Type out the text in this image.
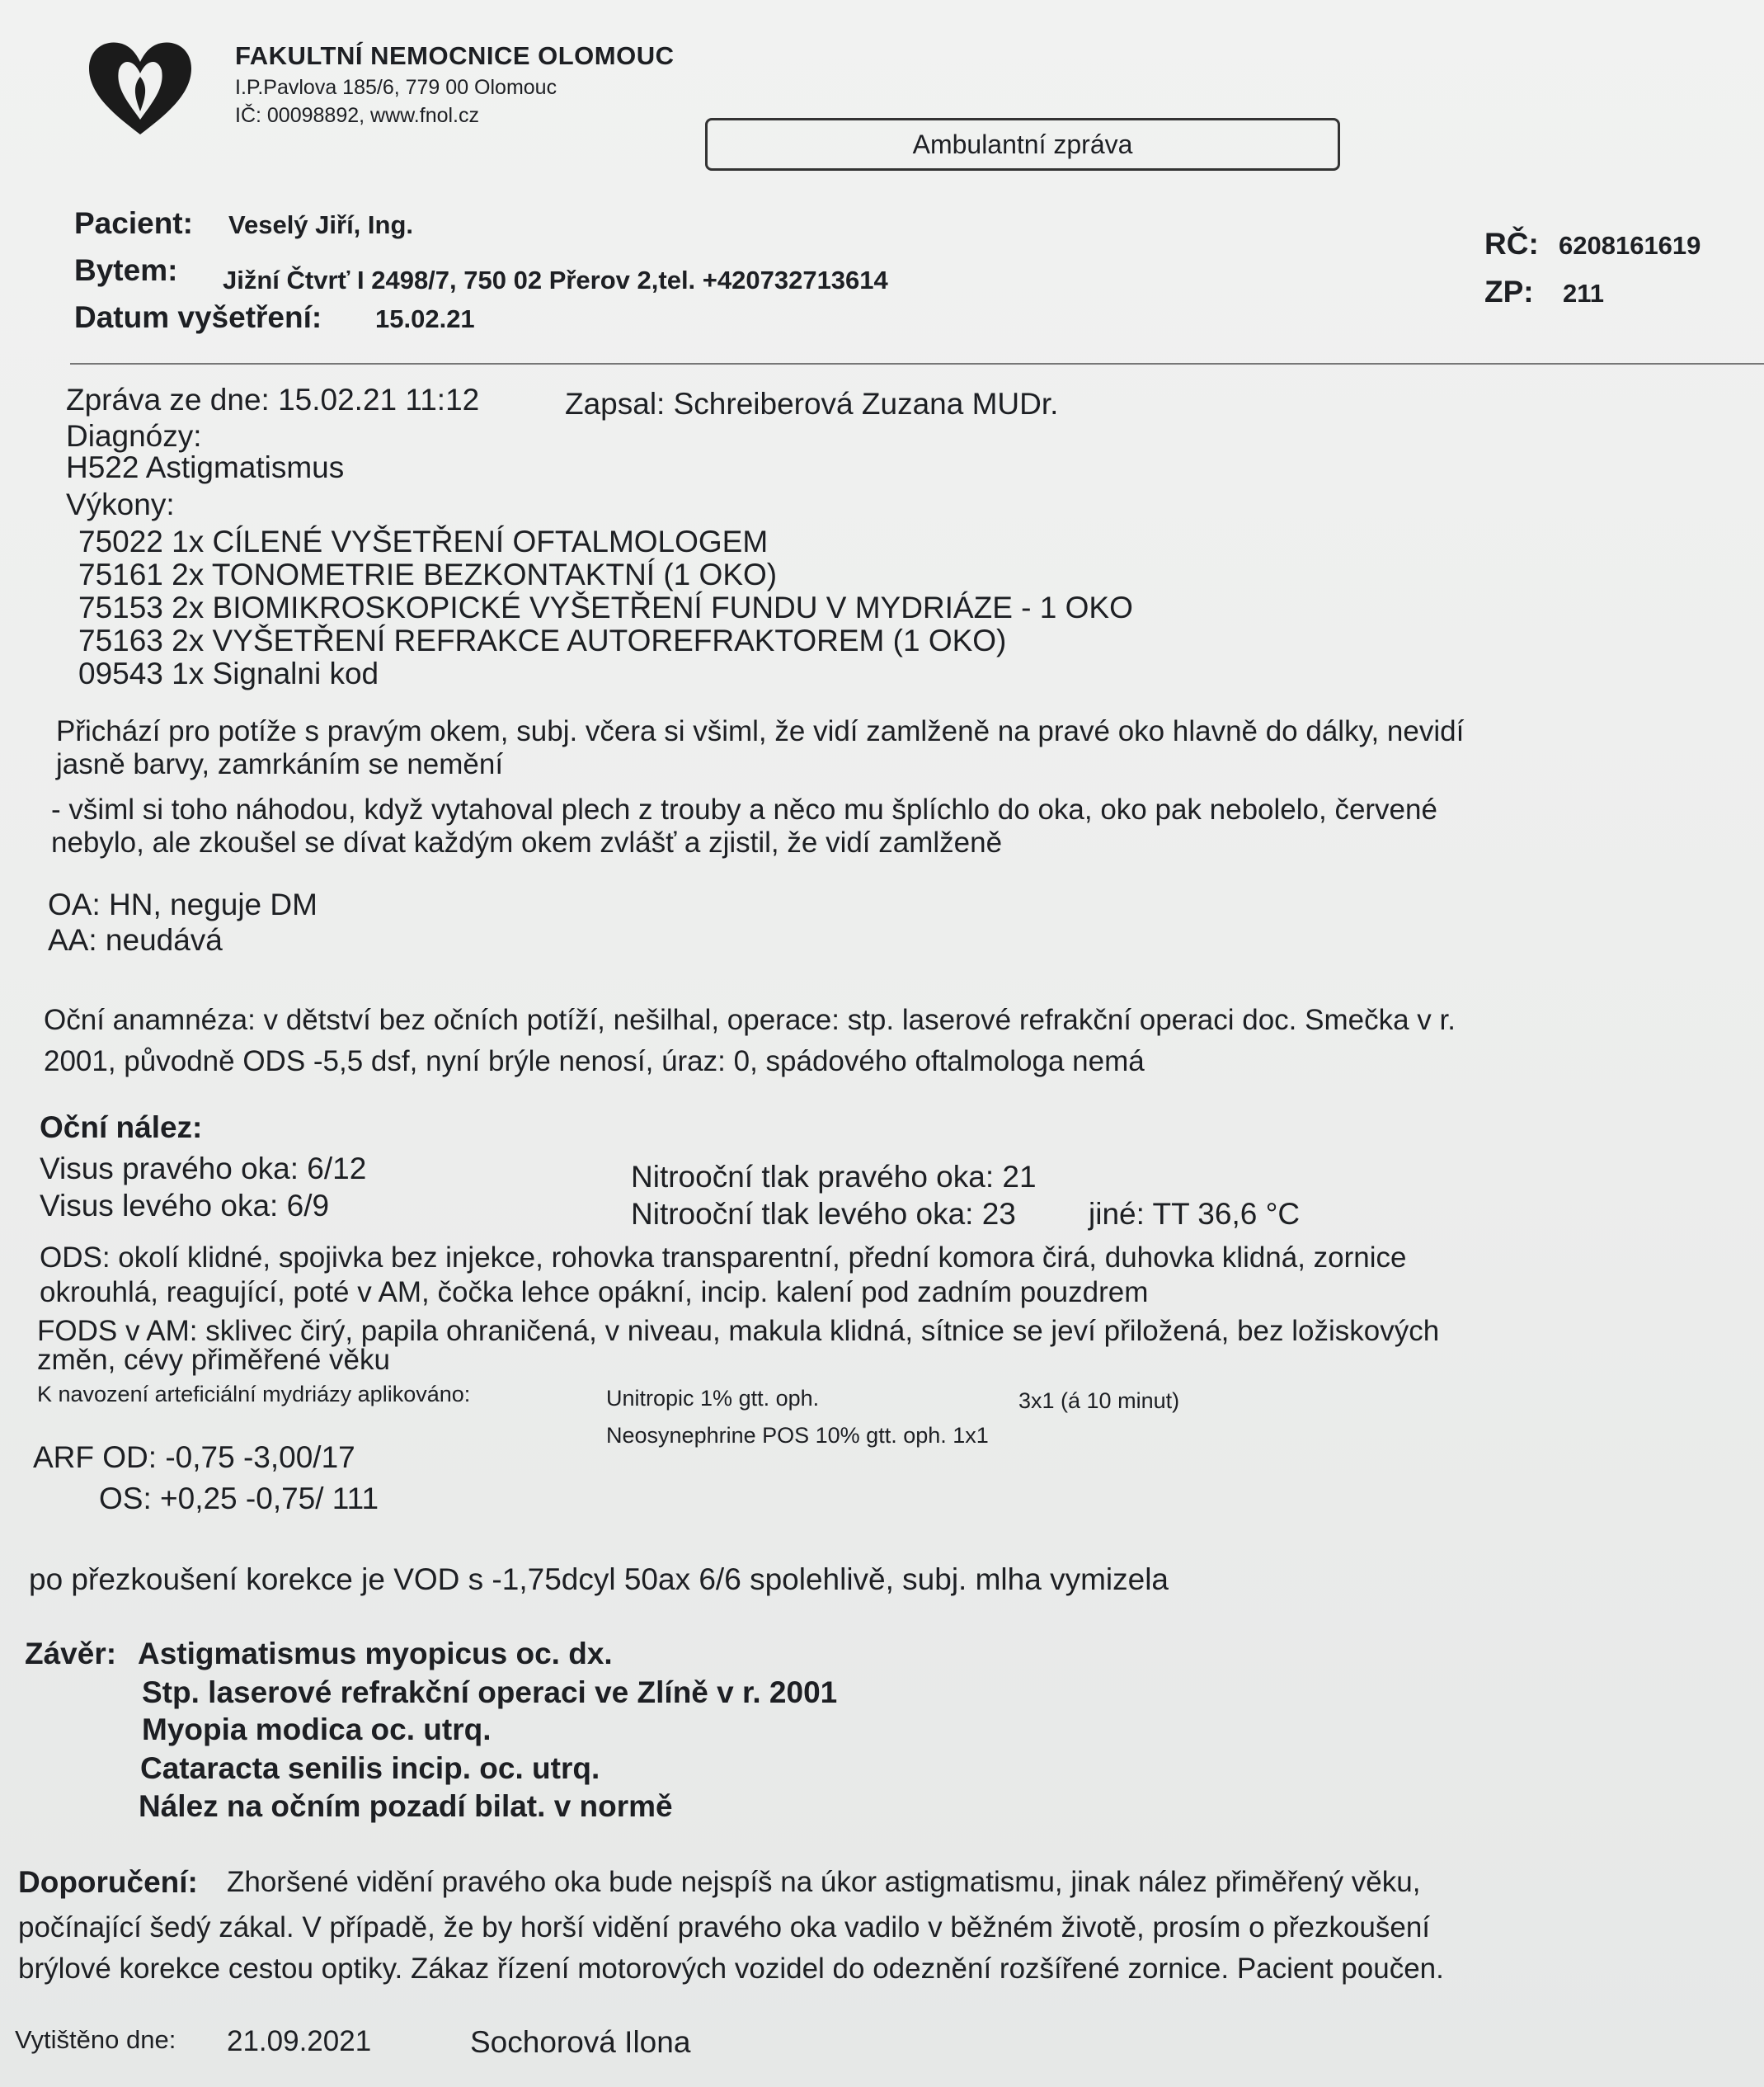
FAKULTNÍ NEMOCNICE OLOMOUC
I.P.Pavlova 185/6, 779 00 Olomouc
IČ: 00098892, www.fnol.cz
Ambulantní zpráva
Pacient: Veselý Jiří, Ing.
Bytem: Jižní Čtvrť I 2498/7, 750 02 Přerov 2,tel. +420732713614
Datum vyšetření: 15.02.21
RČ: 6208161619
ZP: 211
Zpráva ze dne: 15.02.21 11:12	Zapsal: Schreiberová Zuzana MUDr.
Diagnózy:
H522 Astigmatismus
Výkony:
75022 1x CÍLENÉ VYŠETŘENÍ OFTALMOLOGEM
75161 2x TONOMETRIE BEZKONTAKTNÍ (1 OKO)
75153 2x BIOMIKROSKOPICKÉ VYŠETŘENÍ FUNDU V MYDRIÁZE - 1 OKO
75163 2x VYŠETŘENÍ REFRAKCE AUTOREFRAKTOREM (1 OKO)
09543 1x Signalni kod
Přichází pro potíže s pravým okem, subj. včera si všiml, že vidí zamlženě na pravé oko hlavně do dálky, nevidí
jasně barvy, zamrkáním se nemění
- všiml si toho náhodou, když vytahoval plech z trouby a něco mu šplíchlo do oka, oko pak nebolelo, červené
nebylo, ale zkoušel se dívat každým okem zvlášť a zjistil, že vidí zamlženě
OA: HN, neguje DM
AA: neudává
Oční anamnéza: v dětství bez očních potíží, nešilhal, operace: stp. laserové refrakční operaci doc. Smečka v r.
2001, původně ODS -5,5 dsf, nyní brýle nenosí, úraz: 0, spádového oftalmologa nemá
Oční nález:
Visus pravého oka: 6/12
Visus levého oka: 6/9
Nitrooční tlak pravého oka: 21
Nitrooční tlak levého oka: 23 jiné: TT 36,6 °C
ODS: okolí klidné, spojivka bez injekce, rohovka transparentní, přední komora čirá, duhovka klidná, zornice
okrouhlá, reagující, poté v AM, čočka lehce opákní, incip. kalení pod zadním pouzdrem
FODS v AM: sklivec čirý, papila ohraničená, v niveau, makula klidná, sítnice se jeví přiložená, bez ložiskových
změn, cévy přiměřené věku
K navození arteficiální mydriázy aplikováno:	Unitropic 1% gtt. oph.	3x1 (á 10 minut)
Neosynephrine POS 10% gtt. oph. 1x1
ARF OD: -0,75 -3,00/17
OS: +0,25 -0,75/ 111
po přezkoušení korekce je VOD s -1,75dcyl 50ax 6/6 spolehlivě, subj. mlha vymizela
Závěr: Astigmatismus myopicus oc. dx.
Stp. laserové refrakční operaci ve Zlíně v r. 2001
Myopia modica oc. utrq.
Cataracta senilis incip. oc. utrq.
Nález na očním pozadí bilat. v normě
Doporučení: Zhoršené vidění pravého oka bude nejspíš na úkor astigmatismu, jinak nález přiměřený věku,
počínající šedý zákal. V případě, že by horší vidění pravého oka vadilo v běžném životě, prosím o přezkoušení
brýlové korekce cestou optiky. Zákaz řízení motorových vozidel do odeznění rozšířené zornice. Pacient poučen.
Vytištěno dne: 21.09.2021	Sochorová Ilona
